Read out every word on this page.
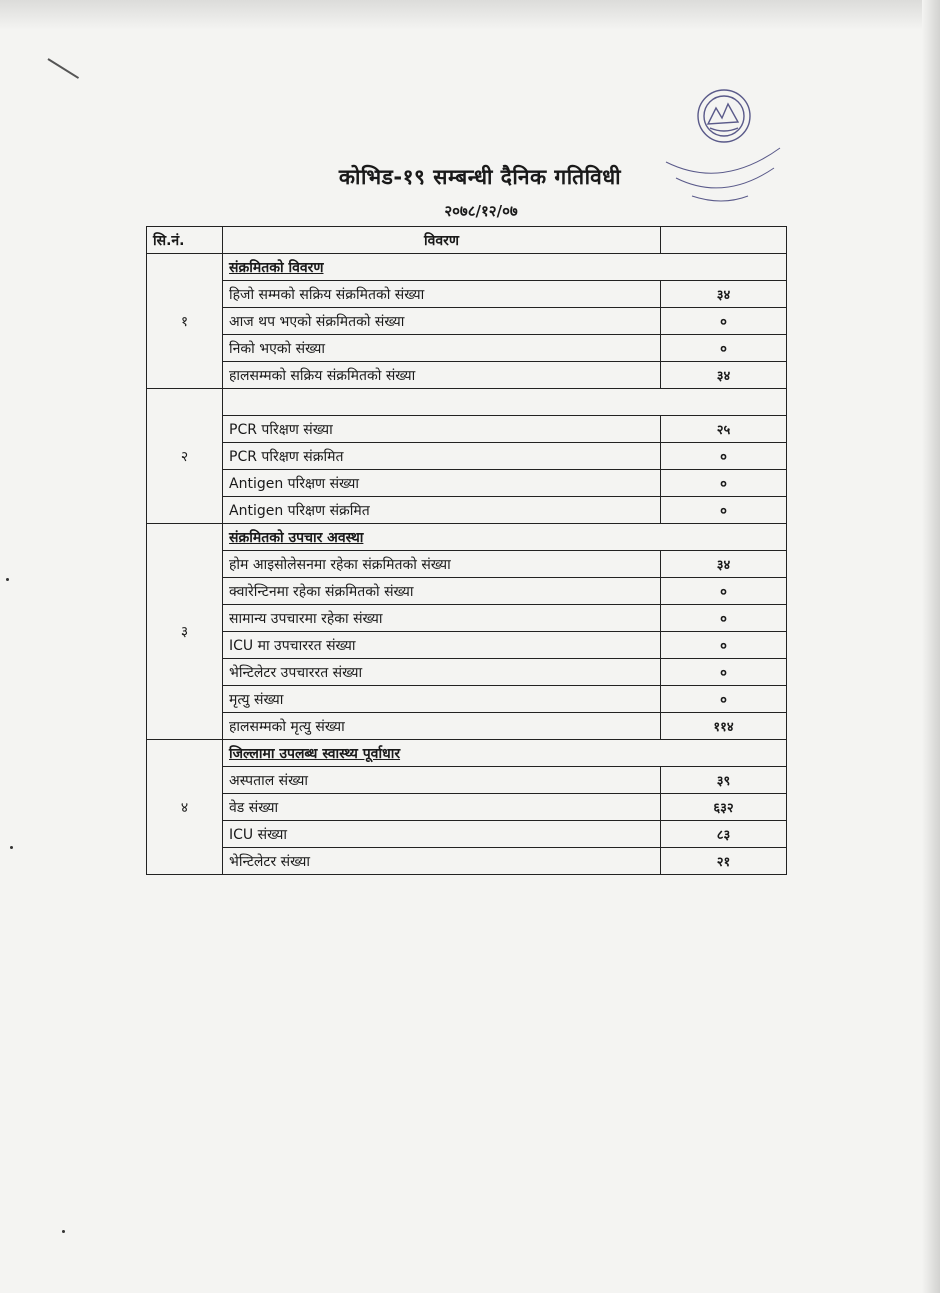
कोभिड-१९ सम्बन्धी दैनिक गतिविधी
२०७८/१२/०७
सि.नं.	विवरण	
१	संक्रमितको विवरण	
	हिजो सम्मको सक्रिय संक्रमितको संख्या	३४
	आज थप भएको संक्रमितको संख्या	०
	निको भएको संख्या	०
	हालसम्मको सक्रिय संक्रमितको संख्या	३४
२		
	PCR परिक्षण संख्या	२५
	PCR परिक्षण संक्रमित	०
	Antigen परिक्षण संख्या	०
	Antigen परिक्षण संक्रमित	०
३	संक्रमितको उपचार अवस्था	
	होम आइसोलेसनमा रहेका संक्रमितको संख्या	३४
	क्वारेन्टिनमा रहेका संक्रमितको संख्या	०
	सामान्य उपचारमा रहेका संख्या	०
	ICU मा उपचाररत संख्या	०
	भेन्टिलेटर उपचाररत संख्या	०
	मृत्यु संख्या	०
	हालसम्मको मृत्यु संख्या	११४
४	जिल्लामा उपलब्ध स्वास्थ्य पूर्वाधार	
	अस्पताल संख्या	३९
	वेड संख्या	६३२
	ICU संख्या	८३
	भेन्टिलेटर संख्या	२१
